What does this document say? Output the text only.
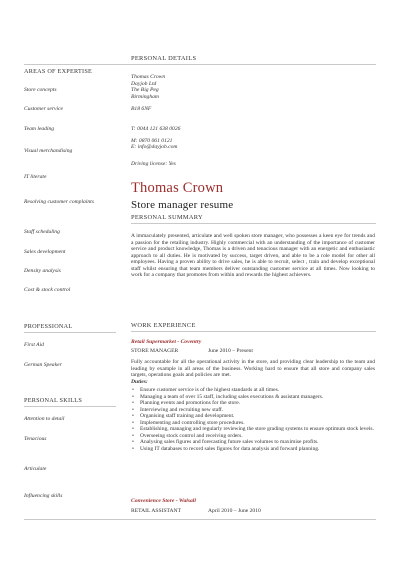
PERSONAL DETAILS
AREAS OF EXPERTISE
Store concepts
Customer service
Team leading
Visual merchandising
IT literate
Resolving customer complaints
Staff scheduling
Sales development
Density analysis
Cost & stock control
PROFESSIONAL
First Aid
German Speaker
PERSONAL SKILLS
Attention to detail
Tenacious
Articulate
Influencing skills
Thomas Crown
Dayjob Ltd
The Big Peg
Birmingham
B18 6NF
T: 0044 121 638 0026
M: 0870 061 0121
E: info@dayjob.com
Driving license: Yes
Thomas Crown
Store manager resume
PERSONAL SUMMARY
A immaculately presented, articulate and well spoken store manager, who possesses a keen eye for trends and a passion for the retailing industry. Highly commercial with an understanding of the importance of customer service and product knowledge, Thomas is a driven and tenacious manager with an energetic and enthusiastic approach to all duties. He is motivated by success, target driven, and able to be a role model for other all employees. Having a proven ability to drive sales, he is able to recruit, select , train and develop exceptional staff whilst ensuring that team members deliver outstanding customer service at all times. Now looking to work for a company that promotes from within and rewards the highest achievers.
WORK EXPERIENCE
Retail Supermarket - Coventry
STORE MANAGER	June 2010 – Present
Fully accountable for all the operational activity in the store, and providing clear leadership to the team and leading by example in all areas of the business. Working hard to ensure that all store and company sales targets, operations goals and policies are met.
Duties:
• Ensure customer service is of the highest standards at all times.
• Managing a team of over 15 staff, including sales executions & assistant managers.
• Planning events and promotions for the store.
• Interviewing and recruiting new staff.
• Organising staff training and development.
• Implementing and controlling store procedures.
• Establishing, managing and regularly reviewing the store grading systems to ensure optimum stock levels.
• Overseeing stock control and receiving orders.
• Analysing sales figures and forecasting future sales volumes to maximise profits.
• Using IT databases to record sales figures for data analysis and forward planning.
Convenience Store - Walsall
RETAIL ASSISTANT	April 2010 – June 2010
